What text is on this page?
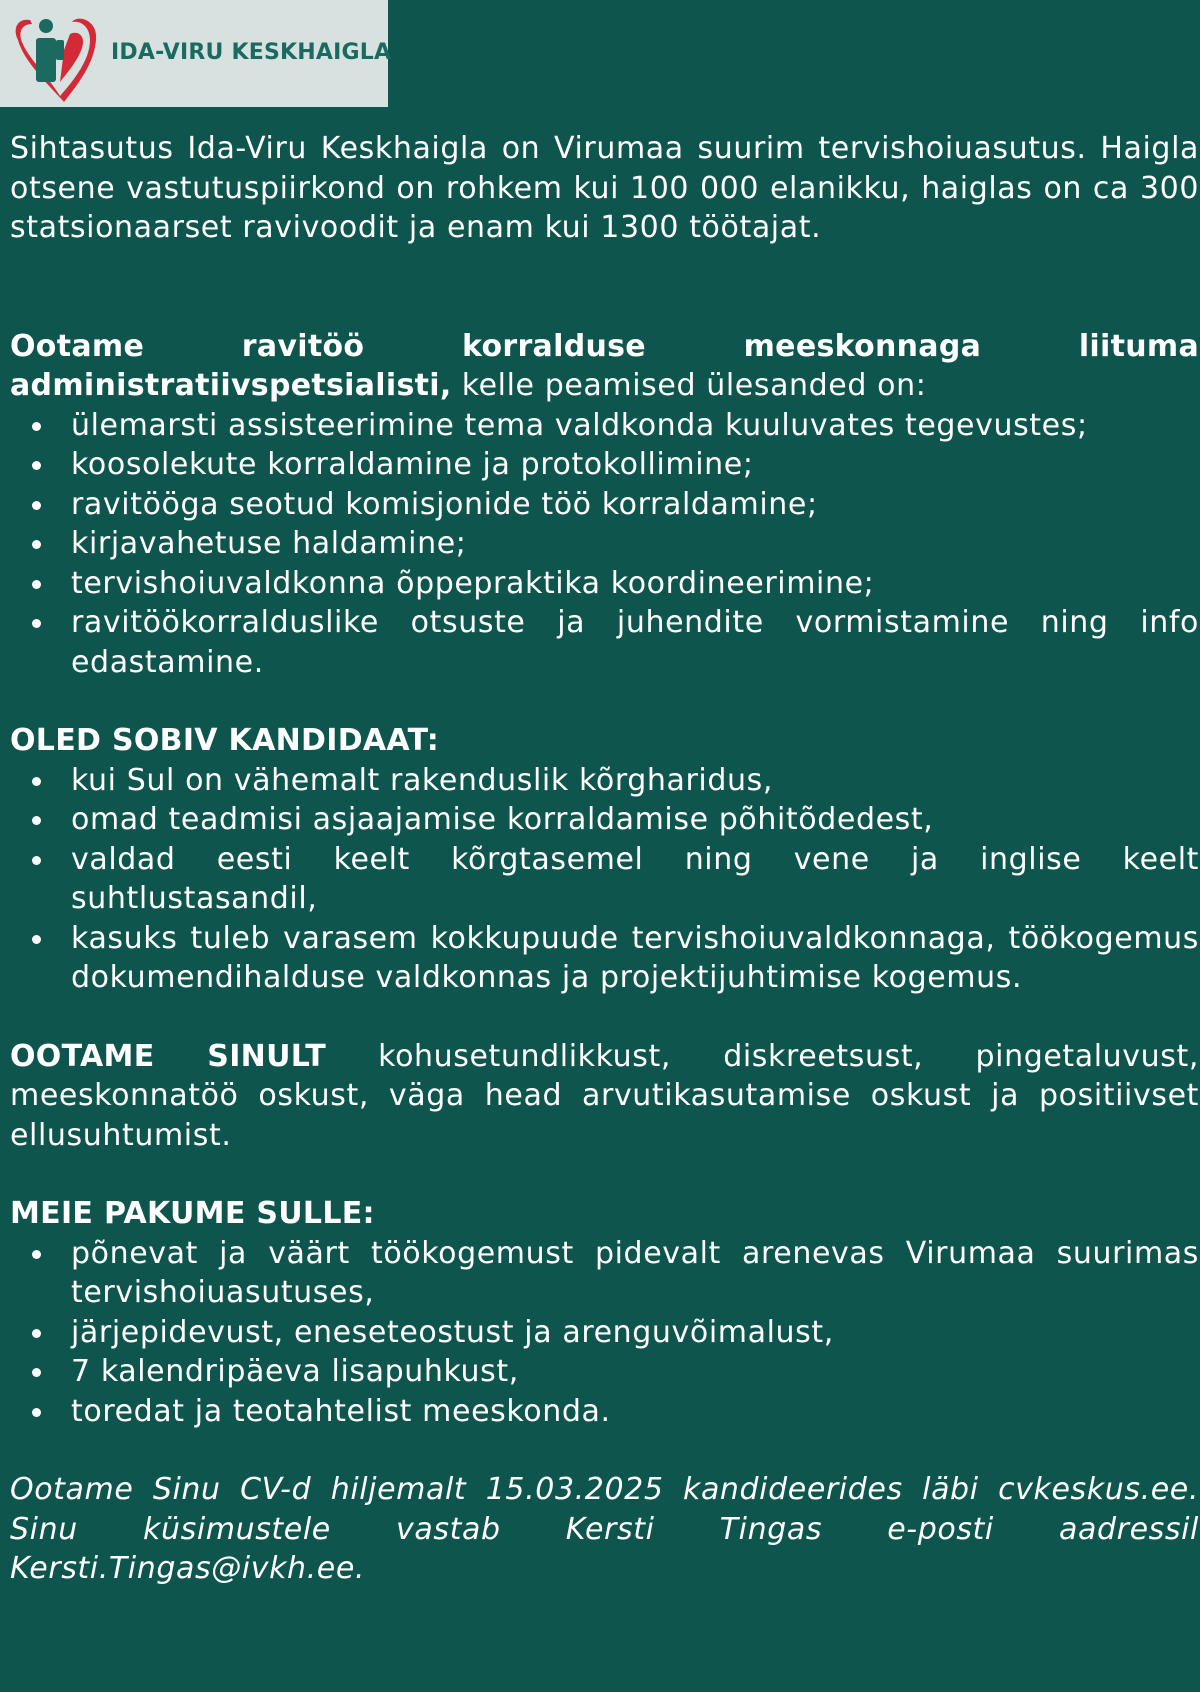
IDA-VIRU KESKHAIGLA

Sihtasutus Ida-Viru Keskhaigla on Virumaa suurim tervishoiuasutus. Haigla otsene vastutuspiirkond on rohkem kui 100 000 elanikku, haiglas on ca 300 statsionaarset ravivoodit ja enam kui 1300 töötajat.

Ootame ravitöö korralduse meeskonnaga liituma administratiivspetsialisti, kelle peamised ülesanded on:

ülemarsti assisteerimine tema valdkonda kuuluvates tegevustes;
koosolekute korraldamine ja protokollimine;
ravitööga seotud komisjonide töö korraldamine;
kirjavahetuse haldamine;
tervishoiuvaldkonna õppepraktika koordineerimine;
ravitöökorralduslike otsuste ja juhendite vormistamine ning info edastamine.

OLED SOBIV KANDIDAAT:

kui Sul on vähemalt rakenduslik kõrgharidus,
omad teadmisi asjaajamise korraldamise põhitõdedest,
valdad eesti keelt kõrgtasemel ning vene ja inglise keelt suhtlustasandil,
kasuks tuleb varasem kokkupuude tervishoiuvaldkonnaga, töökogemus dokumendihalduse valdkonnas ja projektijuhtimise kogemus.

OOTAME SINULT kohusetundlikkust, diskreetsust, pingetaluvust, meeskonnatöö oskust, väga head arvutikasutamise oskust ja positiivset ellusuhtumist.

MEIE PAKUME SULLE:

põnevat ja väärt töökogemust pidevalt arenevas Virumaa suurimas tervishoiuasutuses,
järjepidevust, eneseteostust ja arenguvõimalust,
7 kalendripäeva lisapuhkust,
toredat ja teotahtelist meeskonda.

Ootame Sinu CV-d hiljemalt 15.03.2025 kandideerides läbi cvkeskus.ee. Sinu küsimustele vastab Kersti Tingas e-posti aadressil Kersti.Tingas@ivkh.ee.
